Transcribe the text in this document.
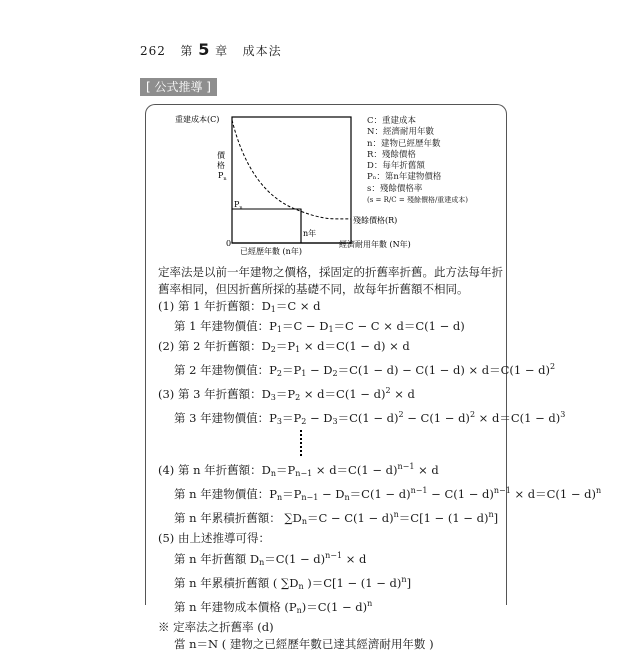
262 第 5 章 成本法
[ 公式推導 ]
重建成本(C)
價
格
$P_n$
$P_n$
n年
殘餘價格(R)
0
已經歷年數 (n年)
經濟耐用年數 (N年)
C：重建成本
N：經濟耐用年數
n：建物已經歷年數
R：殘餘價格
D：每年折舊額
Pₙ：第n年建物價格
s：殘餘價格率
(s = R/C = 殘餘價格/重建成本)

定率法是以前一年建物之價格，採固定的折舊率折舊。此方法每年折舊率相同，但因折舊所採的基礎不同，故每年折舊額不相同。

(1) 第 1 年折舊額：$D_1=C \times d$
第 1 年建物價值：$P_1=C - D_1=C - C \times d=C(1 - d)$
(2) 第 2 年折舊額：$D_2=P_1 \times d=C(1 - d) \times d$
第 2 年建物價值：$P_2=P_1 - D_2=C(1 - d) - C(1 - d) \times d=C(1 - d)^2$
(3) 第 3 年折舊額：$D_3=P_2 \times d=C(1 - d)^2 \times d$
第 3 年建物價值：$P_3=P_2 - D_3=C(1 - d)^2 - C(1 - d)^2 \times d=C(1 - d)^3$
(4) 第 n 年折舊額：$D_n=P_{n-1} \times d=C(1 - d)^{n-1} \times d$
第 n 年建物價值：$P_n=P_{n-1} - D_n=C(1 - d)^{n-1} - C(1 - d)^{n-1} \times d=C(1 - d)^n$
第 n 年累積折舊額： $\sum D_n=C - C(1 - d)^n=C[1 - (1 - d)^n]$
(5) 由上述推導可得：
第 n 年折舊額 $D_n=C(1 - d)^{n-1} \times d$
第 n 年累積折舊額 ( $\sum D_n$ )$=C[1 - (1 - d)^n]$
第 n 年建物成本價格 $(P_n)=C(1 - d)^n$
※ 定率法之折舊率 (d)
當 n＝N ( 建物之已經歷年數已達其經濟耐用年數 )
